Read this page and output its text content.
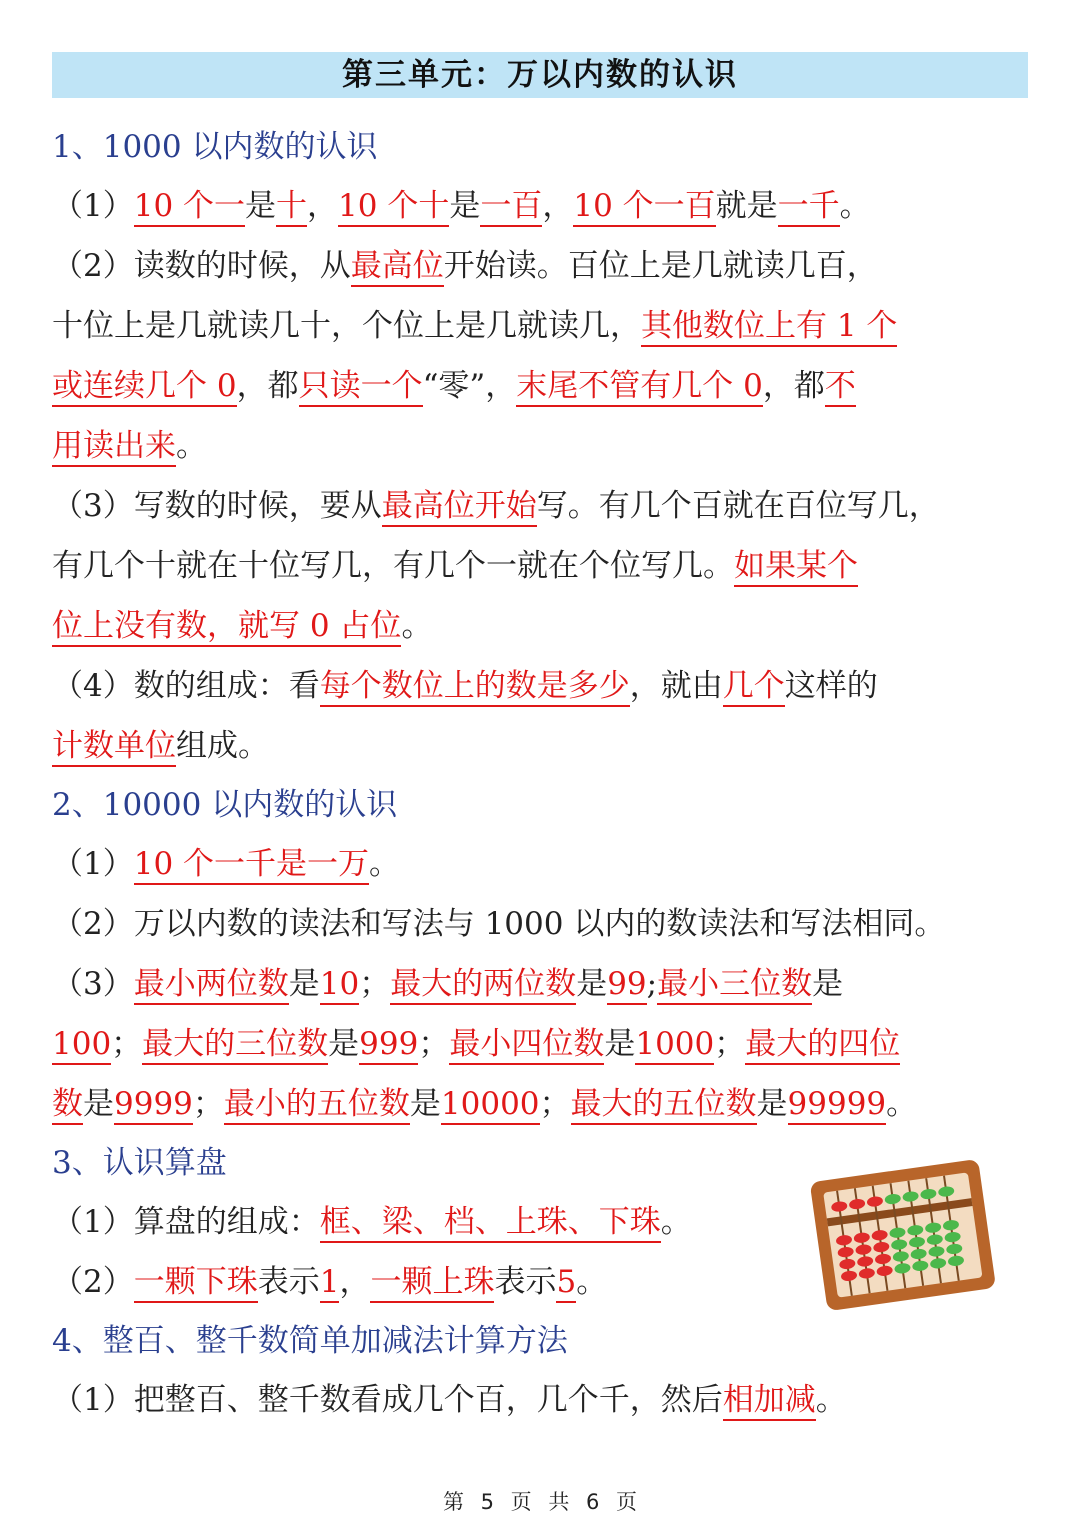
第三单元：万以内数的认识
1、1000 以内数的认识
（1）10 个一是十，10 个十是一百，10 个一百就是一千。
（2）读数的时候，从最高位开始读。百位上是几就读几百，
十位上是几就读几十，个位上是几就读几，其他数位上有 1 个
或连续几个 0，都只读一个“零”，末尾不管有几个 0，都不
用读出来。
（3）写数的时候，要从最高位开始写。有几个百就在百位写几，
有几个十就在十位写几，有几个一就在个位写几。如果某个
位上没有数，就写 0 占位。
（4）数的组成：看每个数位上的数是多少，就由几个这样的
计数单位组成。
2、10000 以内数的认识
（1）10 个一千是一万。
（2）万以内数的读法和写法与 1000 以内的数读法和写法相同。
（3）最小两位数是10；最大的两位数是99;最小三位数是
100；最大的三位数是999；最小四位数是1000；最大的四位
数是9999；最小的五位数是10000；最大的五位数是99999。
3、认识算盘
（1）算盘的组成：框、梁、档、上珠、下珠。
（2）一颗下珠表示1，一颗上珠表示5。
4、整百、整千数简单加减法计算方法
（1）把整百、整千数看成几个百，几个千，然后相加减。
第 5 页 共 6 页
